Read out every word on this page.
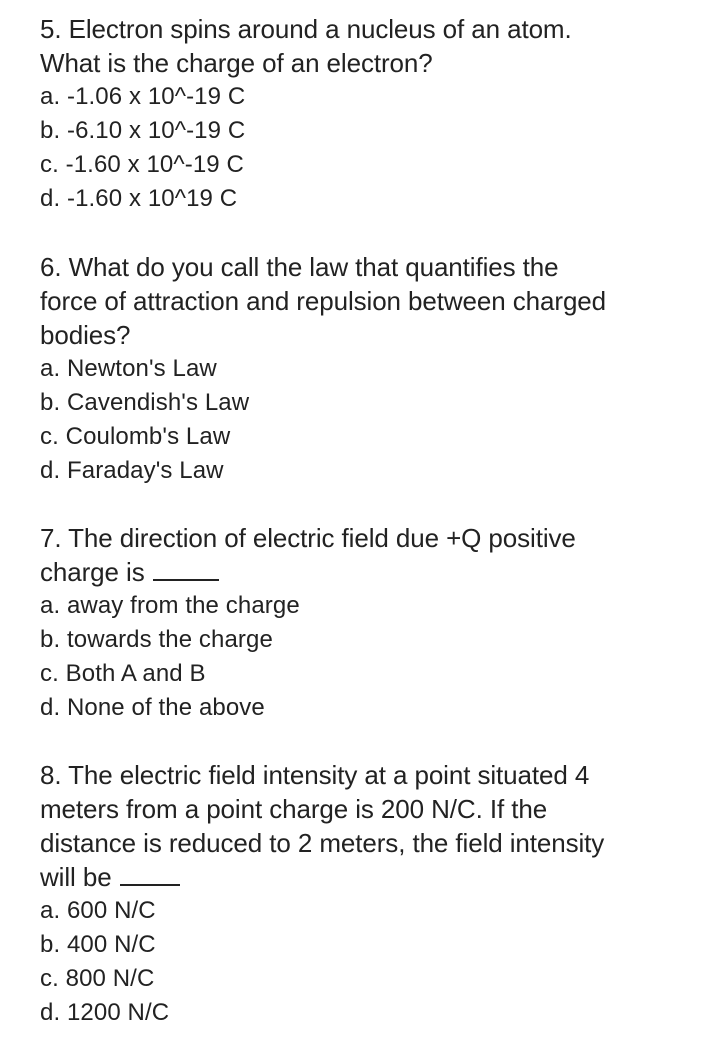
5. Electron spins around a nucleus of an atom.
What is the charge of an electron?

a. -1.06 x 10^-19 C
b. -6.10 x 10^-19 C
c. -1.60 x 10^-19 C
d. -1.60 x 10^19 C

6. What do you call the law that quantifies the
force of attraction and repulsion between charged
bodies?

a. Newton's Law
b. Cavendish's Law
c. Coulomb's Law
d. Faraday's Law

7. The direction of electric field due +Q positive
charge is

a. away from the charge
b. towards the charge
c. Both A and B
d. None of the above

8. The electric field intensity at a point situated 4
meters from a point charge is 200 N/C. If the
distance is reduced to 2 meters, the field intensity
will be

a. 600 N/C
b. 400 N/C
c. 800 N/C
d. 1200 N/C
